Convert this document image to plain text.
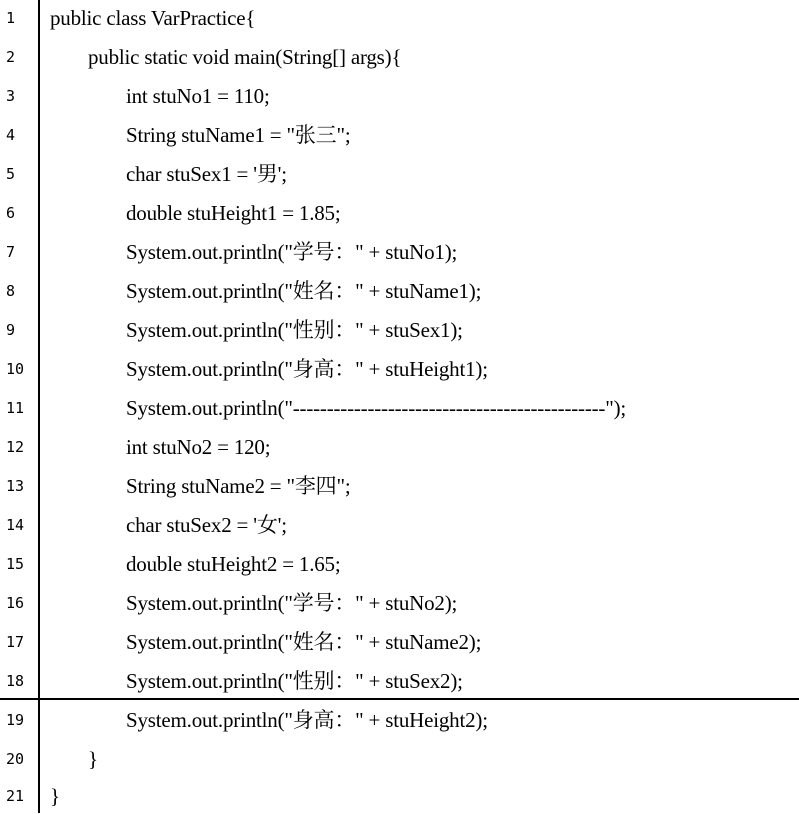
1	public class VarPractice{
2	public static void main(String[] args){
3	int stuNo1 = 110;
4	String stuName1 = "张三";
5	char stuSex1 = '男';
6	double stuHeight1 = 1.85;
7	System.out.println("学号：" + stuNo1);
8	System.out.println("姓名：" + stuName1);
9	System.out.println("性别：" + stuSex1);
10	System.out.println("身高：" + stuHeight1);
11	System.out.println("----------------------------------------------");
12	int stuNo2 = 120;
13	String stuName2 = "李四";
14	char stuSex2 = '女';
15	double stuHeight2 = 1.65;
16	System.out.println("学号：" + stuNo2);
17	System.out.println("姓名：" + stuName2);
18	System.out.println("性别：" + stuSex2);
19	System.out.println("身高：" + stuHeight2);
20	}
21	}
